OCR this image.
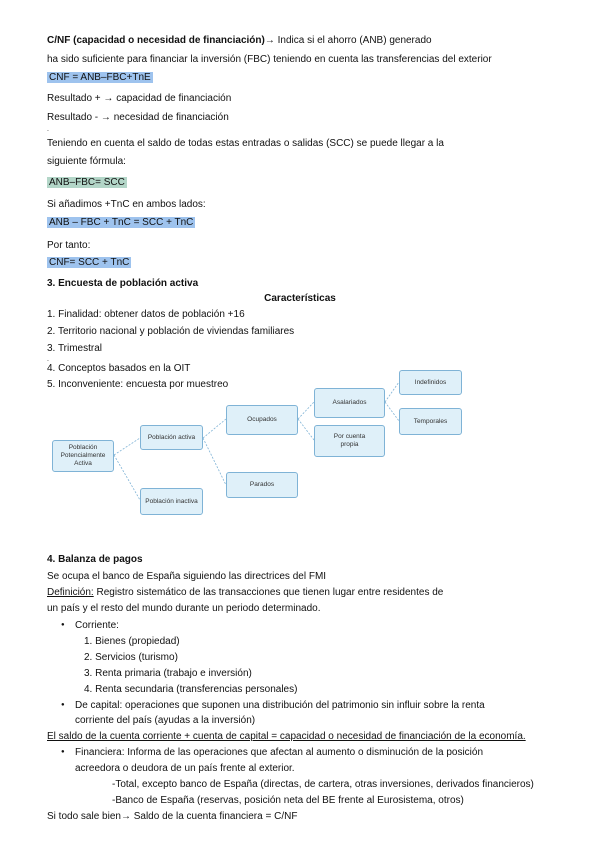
C/NF (capacidad o necesidad de financiación)→ Indica si el ahorro (ANB) generado
ha sido suficiente para financiar la inversión (FBC) teniendo en cuenta las transferencias del exterior
CNF = ANB–FBC+TnE
Resultado + → capacidad de financiación
Resultado - → necesidad de financiación
.
Teniendo en cuenta el saldo de todas estas entradas o salidas (SCC) se puede llegar a la
siguiente fórmula:
ANB–FBC= SCC
Si añadimos +TnC en ambos lados:
ANB – FBC + TnC = SCC + TnC
Por tanto:
CNF= SCC + TnC
3. Encuesta de población activa
Características
1. Finalidad: obtener datos de población +16
2. Territorio nacional y población de viviendas familiares
3. Trimestral
.
4. Conceptos basados en la OIT
5. Inconveniente: encuesta por muestreo
Población Potencialmente Activa
Población activa
Población inactiva
Ocupados
Parados
Asalariados
Por cuenta propia
Indefinidos
Temporales
4. Balanza de pagos
Se ocupa el banco de España siguiendo las directrices del FMI
Definición: Registro sistemático de las transacciones que tienen lugar entre residentes de
un país y el resto del mundo durante un periodo determinado.
● Corriente:
1. Bienes (propiedad)
2. Servicios (turismo)
3. Renta primaria (trabajo e inversión)
4. Renta secundaria (transferencias personales)
● De capital: operaciones que suponen una distribución del patrimonio sin influir sobre la renta
corriente del país (ayudas a la inversión)
El saldo de la cuenta corriente + cuenta de capital = capacidad o necesidad de financiación de la economía.
● Financiera: Informa de las operaciones que afectan al aumento o disminución de la posición
acreedora o deudora de un país frente al exterior.
-Total, excepto banco de España (directas, de cartera, otras inversiones, derivados financieros)
-Banco de España (reservas, posición neta del BE frente al Eurosistema, otros)
Si todo sale bien→ Saldo de la cuenta financiera = C/NF
